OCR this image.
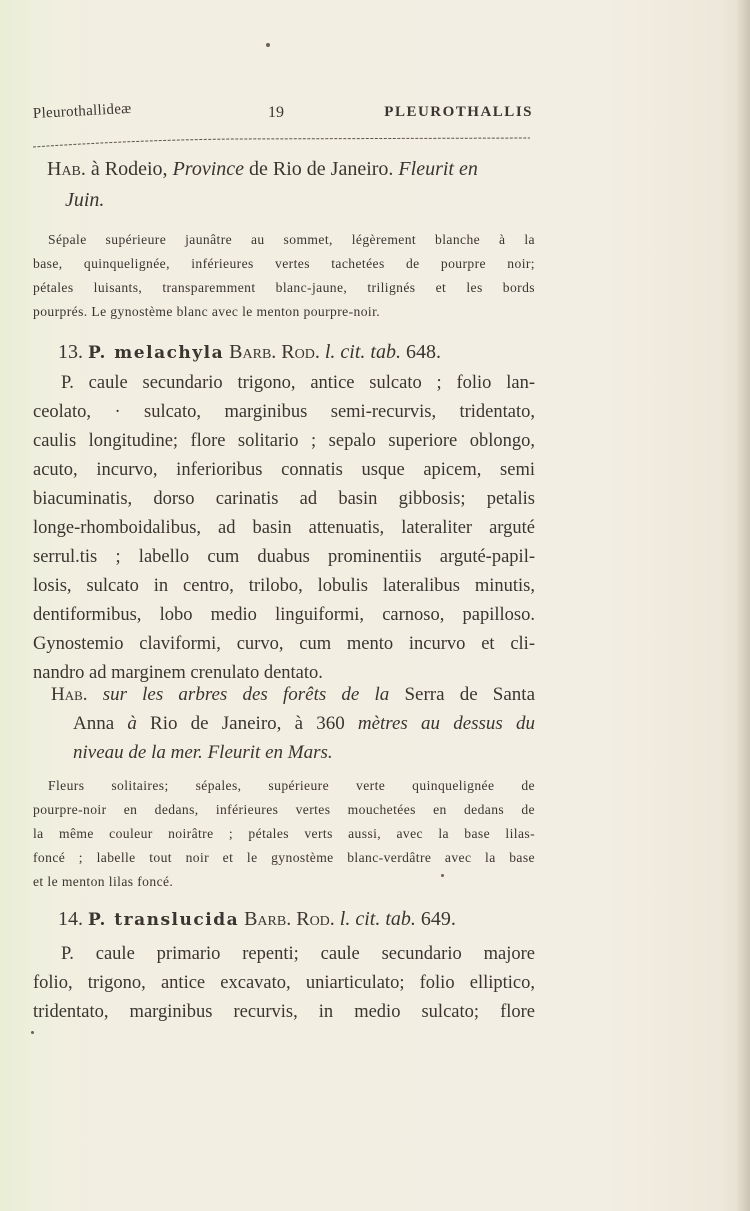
Pleurothallideæ	19	PLEUROTHALLIS
Hab. à Rodeio, Province de Rio de Janeiro. Fleurit en
Juin.
Sépale supérieure jaunâtre au sommet, légèrement blanche à la
base, quinquelignée, inférieures vertes tachetées de pourpre noir;
pétales luisants, transparemment blanc-jaune, trilignés et les bords
pourprés. Le gynostème blanc avec le menton pourpre-noir.
13. P. melachyla Barb. Rod. l. cit. tab. 648.
P. caule secundario trigono, antice sulcato ; folio lan-
ceolato, · sulcato, marginibus semi-recurvis, tridentato,
caulis longitudine; flore solitario ; sepalo superiore oblongo,
acuto, incurvo, inferioribus connatis usque apicem, semi
biacuminatis, dorso carinatis ad basin gibbosis; petalis
longe-rhomboidalibus, ad basin attenuatis, lateraliter arguté
serrul.tis ; labello cum duabus prominentiis arguté-papil-
losis, sulcato in centro, trilobo, lobulis lateralibus minutis,
dentiformibus, lobo medio linguiformi, carnoso, papilloso.
Gynostemio claviformi, curvo, cum mento incurvo et cli-
nandro ad marginem crenulato dentato.
Hab. sur les arbres des forêts de la Serra de Santa
Anna à Rio de Janeiro, à 360 mètres au dessus du
niveau de la mer. Fleurit en Mars.
Fleurs solitaires; sépales, supérieure verte quinquelignée de
pourpre-noir en dedans, inférieures vertes mouchetées en dedans de
la même couleur noirâtre ; pétales verts aussi, avec la base lilas-
foncé ; labelle tout noir et le gynostème blanc-verdâtre avec la base
et le menton lilas foncé.
14. P. translucida Barb. Rod. l. cit. tab. 649.
P. caule primario repenti; caule secundario majore
folio, trigono, antice excavato, uniarticulato; folio elliptico,
tridentato, marginibus recurvis, in medio sulcato; flore
